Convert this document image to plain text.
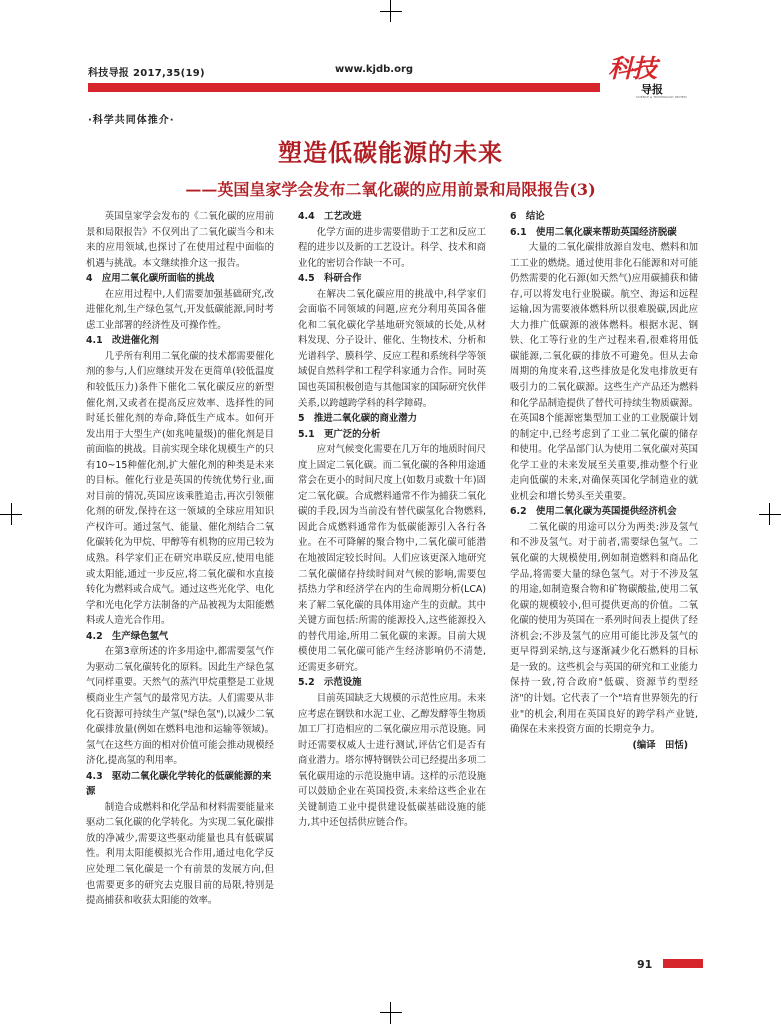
科技导报 2017,35(19)	www.kjdb.org	科技
导报
SCIENCE & TECHNOLOGY REVIEW
·科学共同体推介·
塑造低碳能源的未来
——英国皇家学会发布二氧化碳的应用前景和局限报告(3)

英国皇家学会发布的《二氧化碳的应用前景和局限报告》不仅列出了二氧化碳当今和未来的应用领域,也探讨了在使用过程中面临的机遇与挑战。本文继续推介这一报告。

4　应用二氧化碳所面临的挑战

在应用过程中,人们需要加强基础研究,改进催化剂,生产绿色氢气,开发低碳能源,同时考虑工业部署的经济性及可操作性。

4.1　改进催化剂

几乎所有利用二氧化碳的技术都需要催化剂的参与,人们应继续开发在更简单(较低温度和较低压力)条件下催化二氧化碳反应的新型催化剂,又或者在提高反应效率、选择性的同时延长催化剂的寿命,降低生产成本。如何开发出用于大型生产(如兆吨量级)的催化剂是目前面临的挑战。目前实现全球化规模生产的只有10~15种催化剂,扩大催化剂的种类是未来的目标。催化行业是英国的传统优势行业,面对目前的情况,英国应该乘胜追击,再次引领催化剂的研发,保持在这一领域的全球应用知识产权许可。通过氢气、能量、催化剂结合二氧化碳转化为甲烷、甲醇等有机物的应用已较为成熟。科学家们正在研究串联反应,使用电能或太阳能,通过一步反应,将二氧化碳和水直接转化为燃料或合成气。通过这些光化学、电化学和光电化学方法制备的产品被视为太阳能燃料或人造光合作用。

4.2　生产绿色氢气

在第3章所述的许多用途中,都需要氢气作为驱动二氧化碳转化的原料。因此生产绿色氢气同样重要。天然气的蒸汽甲烷重整是工业规模商业生产氢气的最常见方法。人们需要从非化石资源可持续生产氢("绿色氢"),以减少二氧化碳排放量(例如在燃料电池和运输等领域)。氢气在这些方面的相对价值可能会推动规模经济化,提高氢的利用率。

4.3　驱动二氧化碳化学转化的低碳能源的来源

制造合成燃料和化学品和材料需要能量来驱动二氧化碳的化学转化。为实现二氧化碳排放的净减少,需要这些驱动能量也具有低碳属性。利用太阳能模拟光合作用,通过电化学反应处理二氧化碳是一个有前景的发展方向,但也需要更多的研究去克服目前的局限,特别是提高捕获和收获太阳能的效率。

4.4　工艺改进

化学方面的进步需要借助于工艺和反应工程的进步以及新的工艺设计。科学、技术和商业化的密切合作缺一不可。

4.5　科研合作

在解决二氧化碳应用的挑战中,科学家们会面临不同领域的问题,应充分利用英国各催化和二氧化碳化学基地研究领域的长处,从材料发现、分子设计、催化、生物技术、分析和光谱科学、膜科学、反应工程和系统科学等领域促自然科学和工程学科家通力合作。同时英国也英国积极创造与其他国家的国际研究伙伴关系,以跨越跨学科的科学障碍。

5　推进二氧化碳的商业潜力
5.1　更广泛的分析

应对气候变化需要在几万年的地质时间尺度上固定二氧化碳。而二氧化碳的各种用途通常会在更小的时间尺度上(如数月或数十年)固定二氧化碳。合成燃料通常不作为捕获二氧化碳的手段,因为当前没有替代碳氢化合物燃料,因此合成燃料通常作为低碳能源引入各行各业。在不可降解的聚合物中,二氧化碳可能潜在地被固定较长时间。人们应该更深入地研究二氧化碳储存持续时间对气候的影响,需要包括热力学和经济学在内的生命周期分析(LCA)来了解二氧化碳的具体用途产生的贡献。其中关键方面包括:所需的能源投入,这些能源投入的替代用途,所用二氧化碳的来源。目前大规模使用二氧化碳可能产生经济影响仍不清楚,还需更多研究。

5.2　示范设施

目前英国缺乏大规模的示范性应用。未来应考虑在钢铁和水泥工业、乙醇发酵等生物质加工厂打造相应的二氧化碳应用示范设施。同时还需要权威人士进行测试,评估它们是否有商业潜力。塔尔博特钢铁公司已经提出多项二氧化碳用途的示范设施申请。这样的示范设施可以鼓励企业在英国投资,未来给这些企业在关键制造工业中提供建设低碳基础设施的能力,其中还包括供应链合作。

6　结论
6.1　使用二氧化碳来帮助英国经济脱碳

大量的二氧化碳排放源自发电、燃料和加工工业的燃烧。通过使用非化石能源和对可能仍然需要的化石源(如天然气)应用碳捕获和储存,可以将发电行业脱碳。航空、海运和远程运输,因为需要液体燃料所以很难脱碳,因此应大力推广低碳源的液体燃料。根据水泥、钢铁、化工等行业的生产过程来看,很难将用低碳能源,二氧化碳的排放不可避免。但从去命周期的角度来看,这些排放是化发电排放更有吸引力的二氧化碳源。这些生产产品还为燃料和化学品制造提供了替代可持续生物质碳源。在英国8个能源密集型加工业的工业脱碳计划的制定中,已经考虑到了工业二氧化碳的储存和使用。化学品部门认为使用二氧化碳对英国化学工业的未来发展至关重要,推动整个行业走向低碳的未来,对确保英国化学制造业的就业机会和增长势头至关重要。

6.2　使用二氧化碳为英国提供经济机会

二氧化碳的用途可以分为两类:涉及氢气和不涉及氢气。对于前者,需要绿色氢气。二氧化碳的大规模使用,例如制造燃料和商品化学品,将需要大量的绿色氢气。对于不涉及氢的用途,如制造聚合物和矿物碳酸盐,使用二氧化碳的规模较小,但可提供更高的价值。二氧化碳的使用为英国在一系列时间表上提供了经济机会;不涉及氢气的应用可能比涉及氢气的更早得到采纳,这与逐渐减少化石燃料的目标是一致的。这些机会与英国的研究和工业能力保持一致,符合政府"低碳、资源节约型经济"的计划。它代表了一个"培育世界领先的行业"的机会,利用在英国良好的跨学科产业链,确保在未来投资方面的长期竞争力。

(编译　田恬)

91
